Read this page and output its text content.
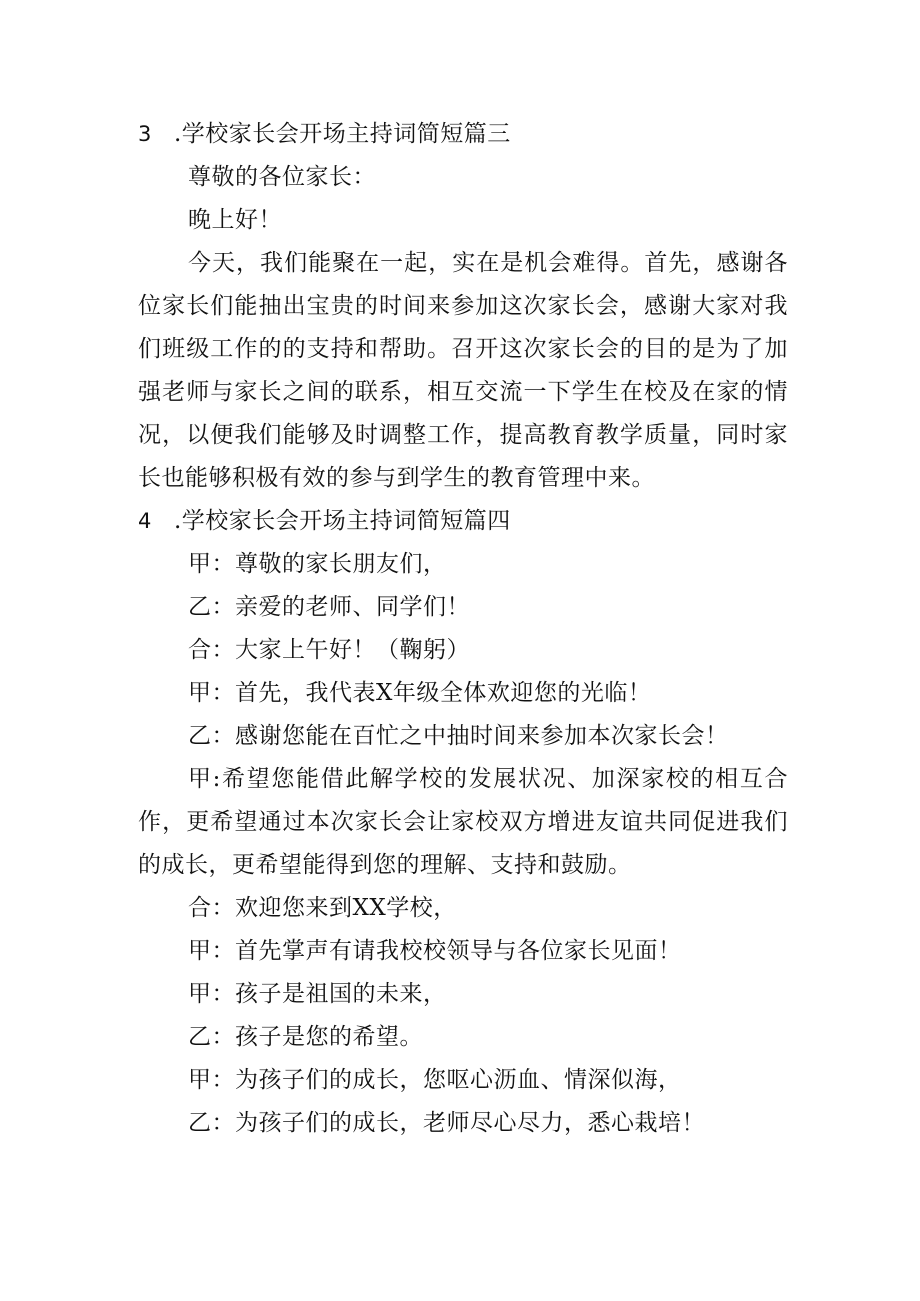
3 .学校家长会开场主持词简短篇三
尊敬的各位家长：
晚上好！

今天，我们能聚在一起，实在是机会难得。首先，感谢各位家长们能抽出宝贵的时间来参加这次家长会，感谢大家对我们班级工作的的支持和帮助。召开这次家长会的目的是为了加强老师与家长之间的联系，相互交流一下学生在校及在家的情况，以便我们能够及时调整工作，提高教育教学质量，同时家长也能够积极有效的参与到学生的教育管理中来。

4 .学校家长会开场主持词简短篇四
甲：尊敬的家长朋友们，
乙：亲爱的老师、同学们！
合：大家上午好！（鞠躬）
甲：首先，我代表X年级全体欢迎您的光临！
乙：感谢您能在百忙之中抽时间来参加本次家长会！

甲:希望您能借此解学校的发展状况、加深家校的相互合作，更希望通过本次家长会让家校双方增进友谊共同促进我们的成长，更希望能得到您的理解、支持和鼓励。

合：欢迎您来到XX学校，
甲：首先掌声有请我校校领导与各位家长见面！
甲：孩子是祖国的未来，
乙：孩子是您的希望。
甲：为孩子们的成长，您呕心沥血、情深似海，
乙：为孩子们的成长，老师尽心尽力，悉心栽培！
